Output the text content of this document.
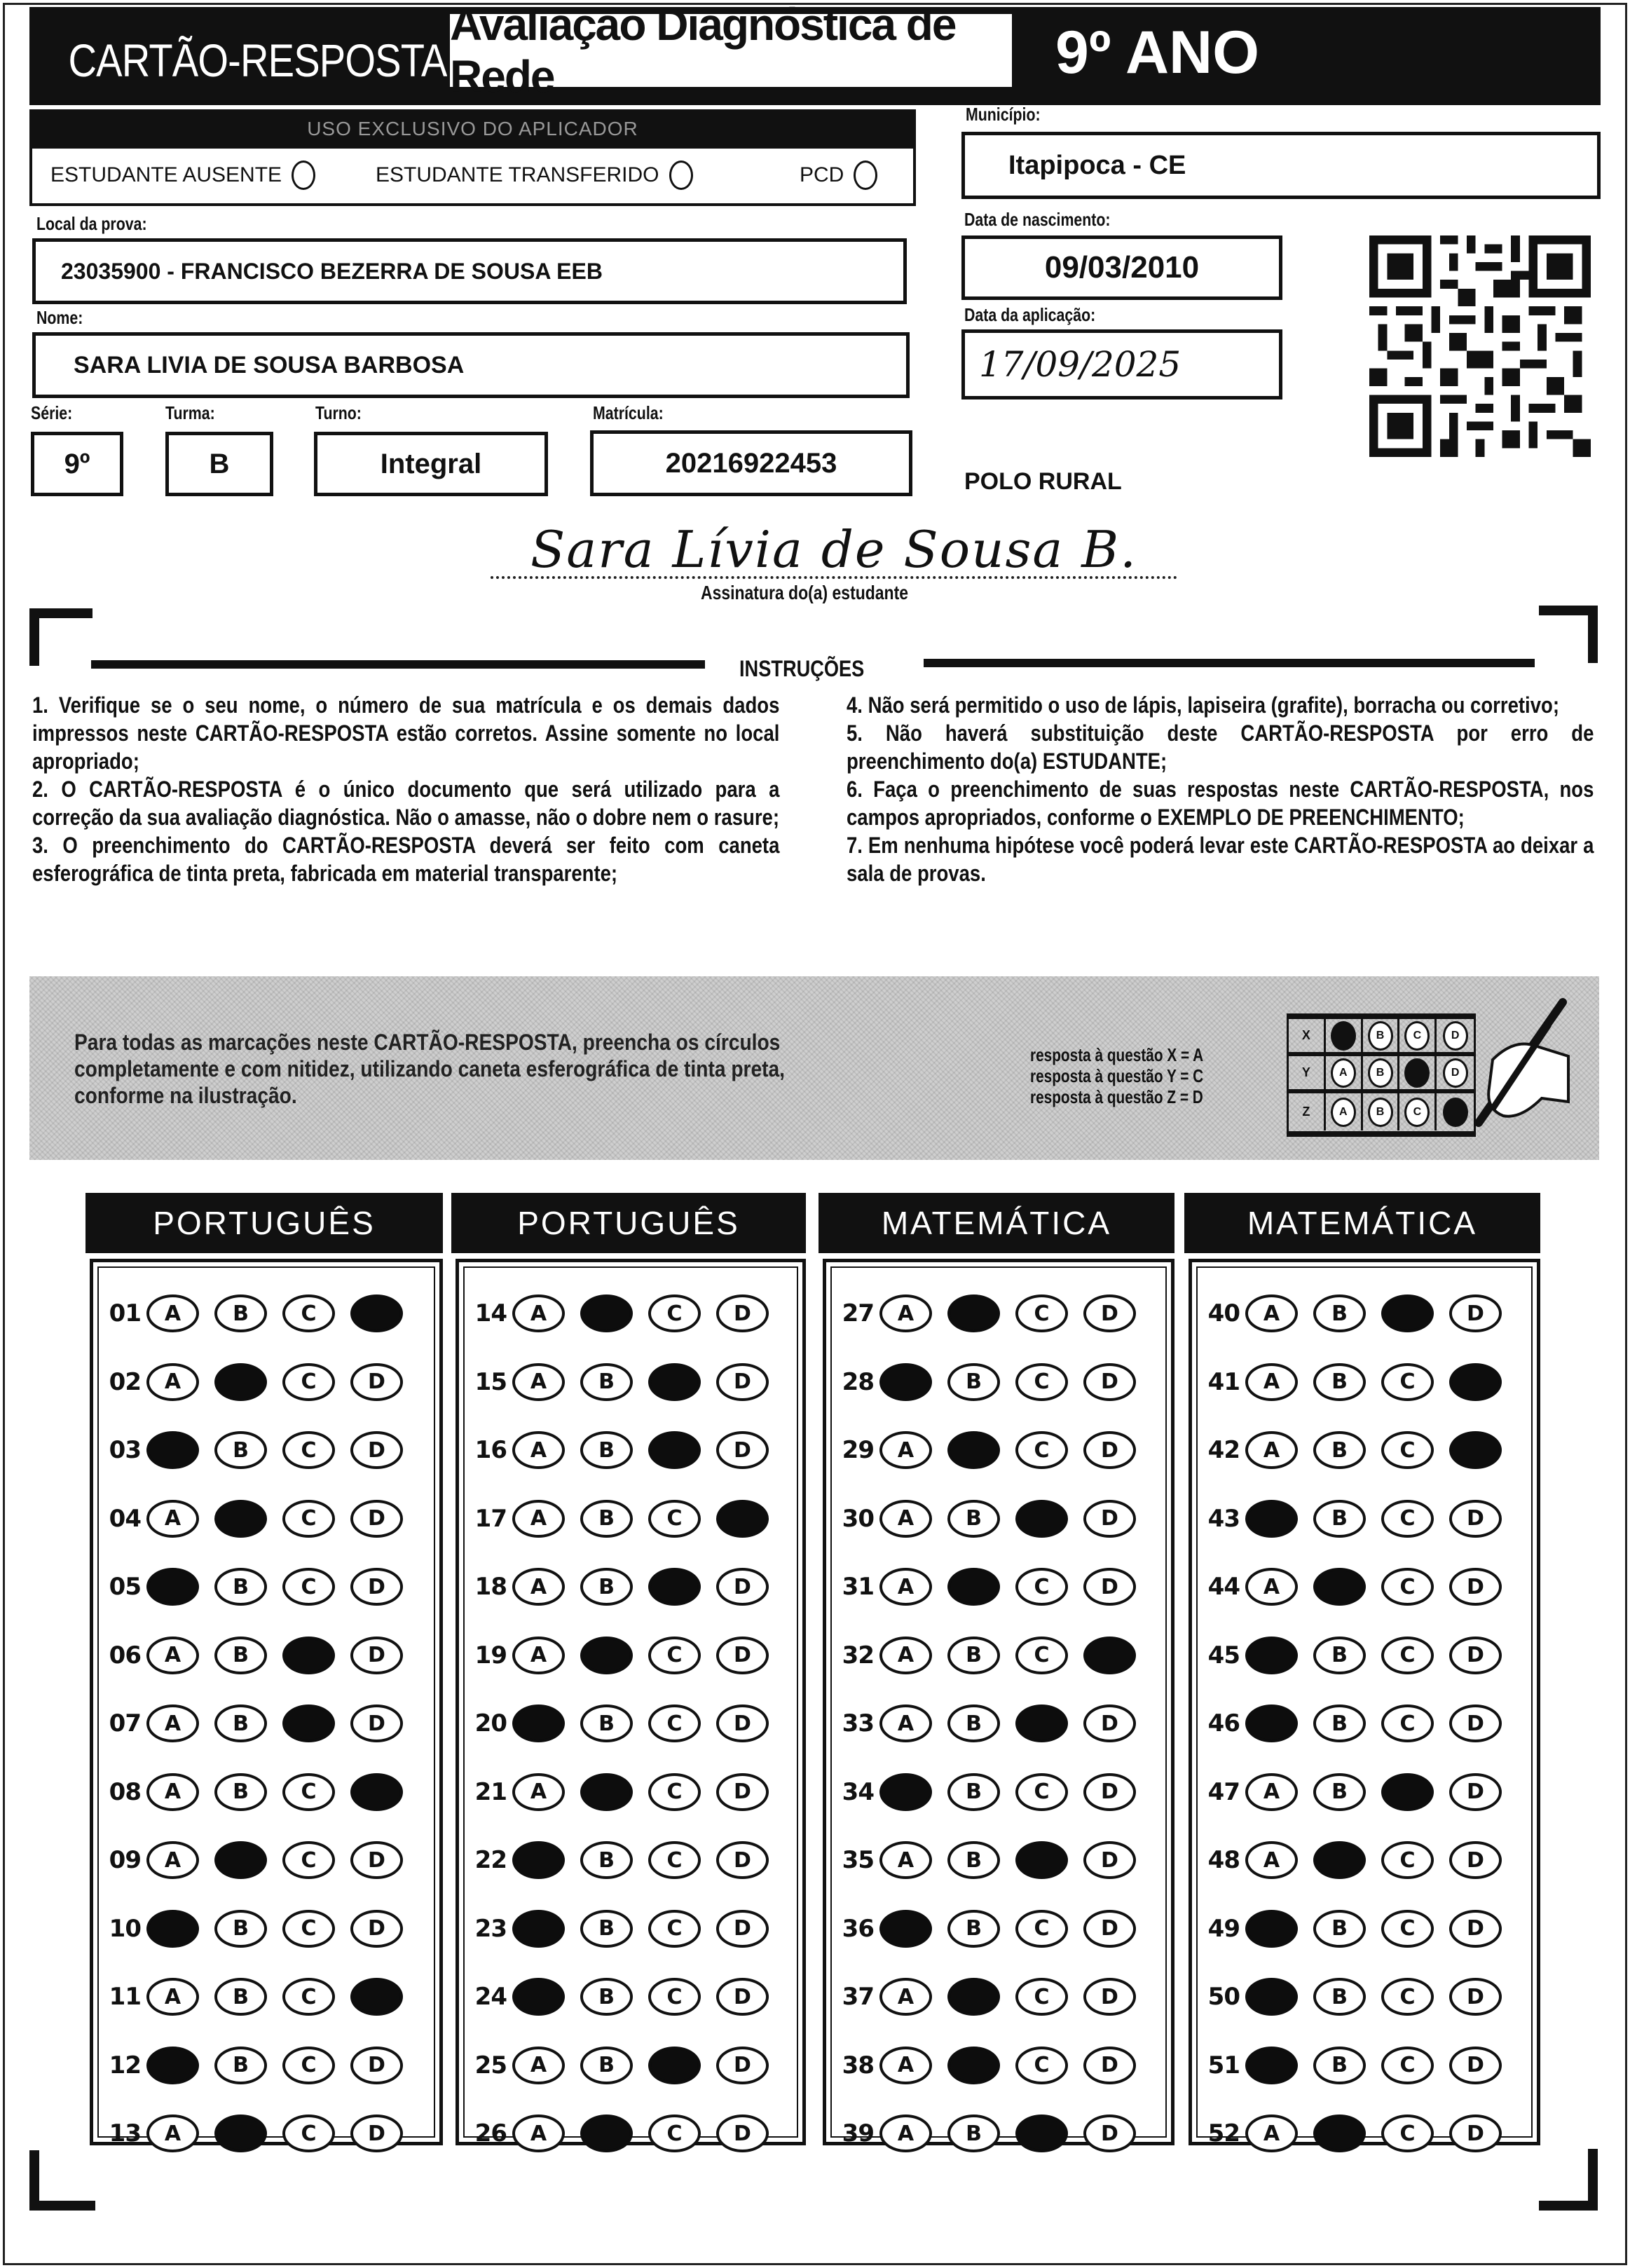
CARTÃO-RESPOSTA
Avaliação Diagnóstica de Rede	9º ANO
USO EXCLUSIVO DO APLICADOR
ESTUDANTE AUSENTE	ESTUDANTE TRANSFERIDO	PCD
Local da prova:
23035900 - FRANCISCO BEZERRA DE SOUSA EEB
Nome:
SARA LIVIA DE SOUSA BARBOSA
Série:
9º
Turma:
B
Turno:
Integral
Matrícula:
20216922453
Município:
Itapipoca - CE
Data de nascimento:
09/03/2010
Data da aplicação:
17/09/2025
POLO RURAL
Sara Lívia de Sousa B.
Assinatura do(a) estudante
INSTRUÇÕES

1. Verifique se o seu nome, o número de sua matrícula e os demais dados impressos neste CARTÃO-RESPOSTA estão corretos. Assine somente no local apropriado;

2. O CARTÃO-RESPOSTA é o único documento que será utilizado para a correção da sua avaliação diagnóstica. Não o amasse, não o dobre nem o rasure;

3. O preenchimento do CARTÃO-RESPOSTA deverá ser feito com caneta esferográfica de tinta preta, fabricada em material transparente;

4. Não será permitido o uso de lápis, lapiseira (grafite), borracha ou corretivo;

5. Não haverá substituição deste CARTÃO-RESPOSTA por erro de preenchimento do(a) ESTUDANTE;

6. Faça o preenchimento de suas respostas neste CARTÃO-RESPOSTA, nos campos apropriados, conforme o EXEMPLO DE PREENCHIMENTO;

7. Em nenhuma hipótese você poderá levar este CARTÃO-RESPOSTA ao deixar a sala de provas.

Para todas as marcações neste CARTÃO-RESPOSTA, preencha os círculos completamente e com nitidez, utilizando caneta esferográfica de tinta preta, conforme na ilustração.
resposta à questão X = A
resposta à questão Y = C
resposta à questão Z = D
X	B	C	D
Y	A	B	D
Z	A	B	C
PORTUGUÊS
01	A	B	C
02	A	C	D
03	B	C	D
04	A	C	D
05	B	C	D
06	A	B	D
07	A	B	D
08	A	B	C
09	A	C	D
10	B	C	D
11	A	B	C
12	B	C	D
13	A	C	D
PORTUGUÊS
14	A	C	D
15	A	B	D
16	A	B	D
17	A	B	C
18	A	B	D
19	A	C	D
20	B	C	D
21	A	C	D
22	B	C	D
23	B	C	D
24	B	C	D
25	A	B	D
26	A	C	D
MATEMÁTICA
27	A	C	D
28	B	C	D
29	A	C	D
30	A	B	D
31	A	C	D
32	A	B	C
33	A	B	D
34	B	C	D
35	A	B	D
36	B	C	D
37	A	C	D
38	A	C	D
39	A	B	D
MATEMÁTICA
40	A	B	D
41	A	B	C
42	A	B	C
43	B	C	D
44	A	C	D
45	B	C	D
46	B	C	D
47	A	B	D
48	A	C	D
49	B	C	D
50	B	C	D
51	B	C	D
52	A	C	D
